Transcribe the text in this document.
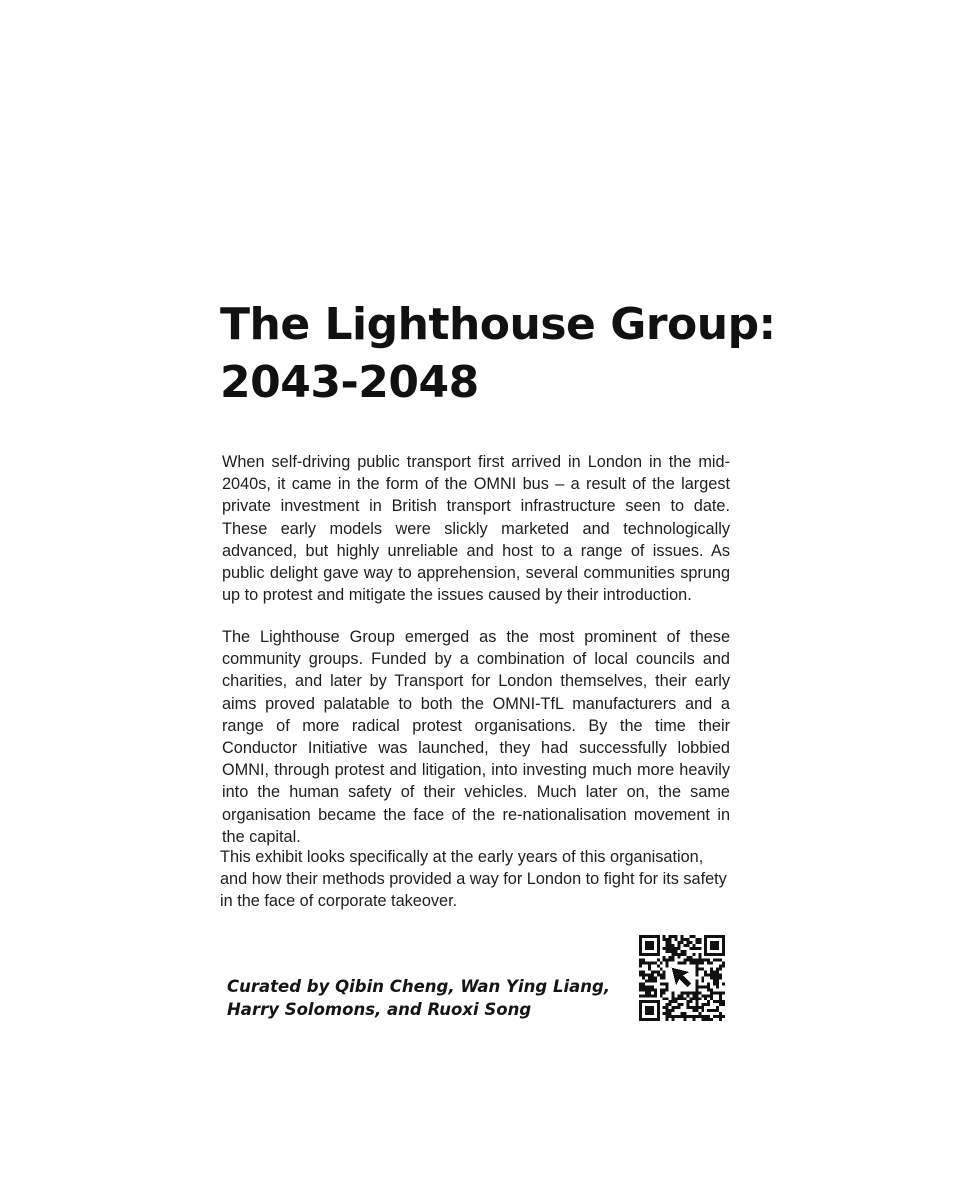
The Lighthouse Group:
2043-2048

When self-driving public transport first arrived in London in the mid-2040s, it came in the form of the OMNI bus – a result of the largest private investment in British transport infrastructure seen to date. These early models were slickly marketed and technologically advanced, but highly unreliable and host to a range of issues. As public delight gave way to apprehension, several communities sprung up to protest and mitigate the issues caused by their introduction.

The Lighthouse Group emerged as the most prominent of these community groups. Funded by a combination of local councils and charities, and later by Transport for London themselves, their early aims proved palatable to both the OMNI-TfL manufacturers and a range of more radical protest organisations. By the time their Conductor Initiative was launched, they had successfully lobbied OMNI, through protest and litigation, into investing much more heavily into the human safety of their vehicles. Much later on, the same organisation became the face of the re-nationalisation movement in the capital.

This exhibit looks specifically at the early years of this organisation, and how their methods provided a way for London to fight for its safety in the face of corporate takeover.

Curated by Qibin Cheng, Wan Ying Liang,
Harry Solomons, and Ruoxi Song
